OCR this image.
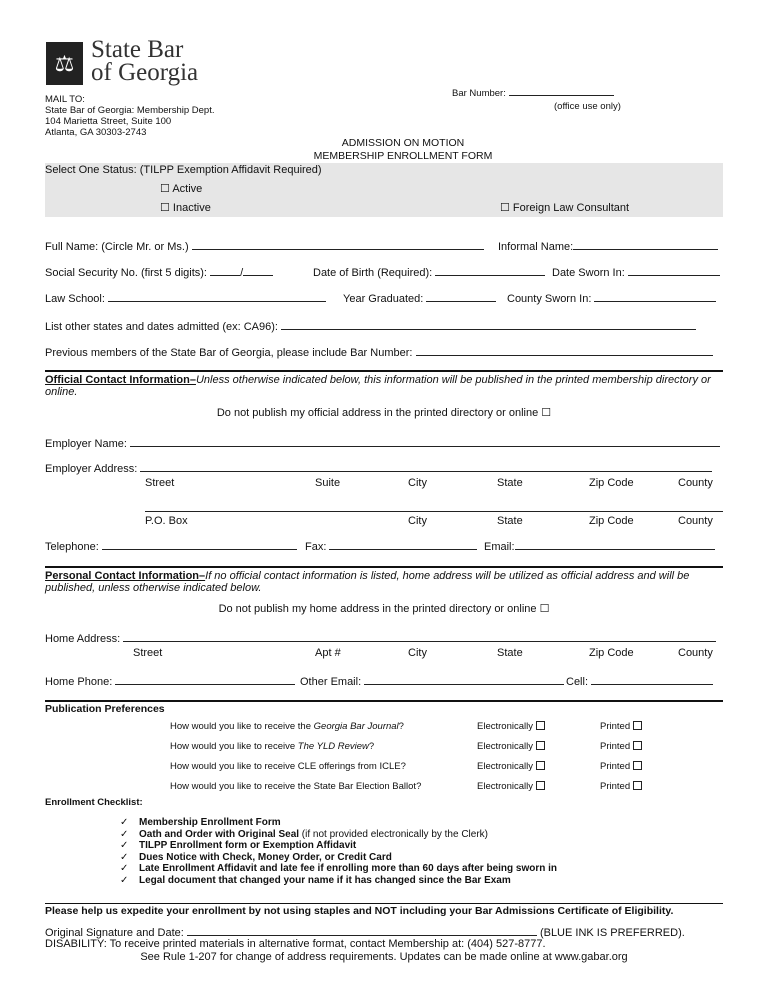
⚖
State Bar
of Georgia
Bar Number:
(office use only)
MAIL TO:
State Bar of Georgia: Membership Dept.
104 Marietta Street, Suite 100
Atlanta, GA 30303-2743
ADMISSION ON MOTION
MEMBERSHIP ENROLLMENT FORM
Select One Status: (TILPP Exemption Affidavit Required)
☐ Active
☐ Inactive	☐ Foreign Law Consultant
Full Name: (Circle Mr. or Ms.)	Informal Name:
Social Security No. (first 5 digits):	/	Date of Birth (Required):	Date Sworn In:
Law School:	Year Graduated:	County Sworn In:
List other states and dates admitted (ex: CA96):
Previous members of the State Bar of Georgia, please include Bar Number:
Official Contact Information–Unless otherwise indicated below, this information will be published in the printed membership directory or online.
Do not publish my official address in the printed directory or online ☐
Employer Name:
Employer Address:
Street	Suite	City	State	Zip Code	County
P.O. Box	City	State	Zip Code	County
Telephone:	Fax:	Email:
Personal Contact Information–If no official contact information is listed, home address will be utilized as official address and will be published, unless otherwise indicated below.
Do not publish my home address in the printed directory or online ☐
Home Address:
Street	Apt #	City	State	Zip Code	County
Home Phone:	Other Email:	Cell:
Publication Preferences
How would you like to receive the Georgia Bar Journal?	Electronically	Printed
How would you like to receive The YLD Review?	Electronically	Printed
How would you like to receive CLE offerings from ICLE?	Electronically	Printed
How would you like to receive the State Bar Election Ballot?	Electronically	Printed
Enrollment Checklist:
✓ Membership Enrollment Form
✓ Oath and Order with Original Seal (if not provided electronically by the Clerk)
✓ TILPP Enrollment form or Exemption Affidavit
✓ Dues Notice with Check, Money Order, or Credit Card
✓ Late Enrollment Affidavit and late fee if enrolling more than 60 days after being sworn in
✓ Legal document that changed your name if it has changed since the Bar Exam
Please help us expedite your enrollment by not using staples and NOT including your Bar Admissions Certificate of Eligibility.
Original Signature and Date:	(BLUE INK IS PREFERRED).
DISABILITY: To receive printed materials in alternative format, contact Membership at: (404) 527-8777.
See Rule 1-207 for change of address requirements. Updates can be made online at www.gabar.org
